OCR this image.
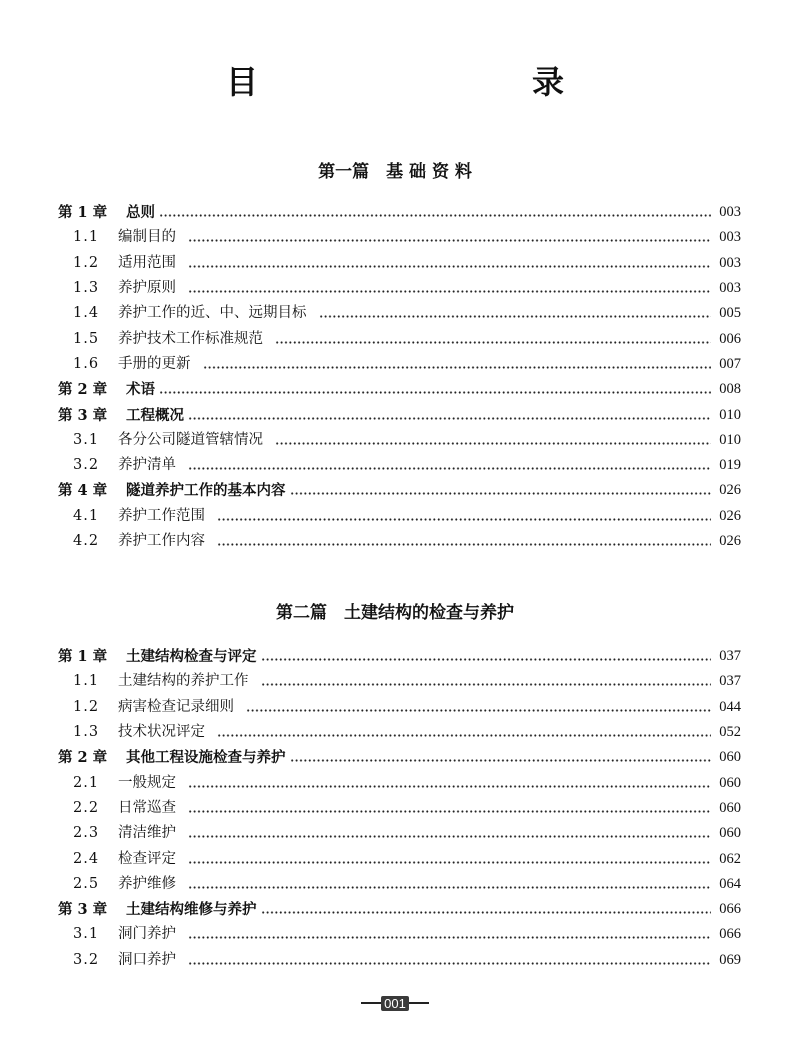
目　　录
第一篇　基 础 资 料
第 1 章	总则	003
1.1	编制目的	003
1.2	适用范围	003
1.3	养护原则	003
1.4	养护工作的近、中、远期目标	005
1.5	养护技术工作标准规范	006
1.6	手册的更新	007
第 2 章	术语	008
第 3 章	工程概况	010
3.1	各分公司隧道管辖情况	010
3.2	养护清单	019
第 4 章	隧道养护工作的基本内容	026
4.1	养护工作范围	026
4.2	养护工作内容	026
第二篇　土建结构的检查与养护
第 1 章	土建结构检查与评定	037
1.1	土建结构的养护工作	037
1.2	病害检查记录细则	044
1.3	技术状况评定	052
第 2 章	其他工程设施检查与养护	060
2.1	一般规定	060
2.2	日常巡查	060
2.3	清洁维护	060
2.4	检查评定	062
2.5	养护维修	064
第 3 章	土建结构维修与养护	066
3.1	洞门养护	066
3.2	洞口养护	069
001
